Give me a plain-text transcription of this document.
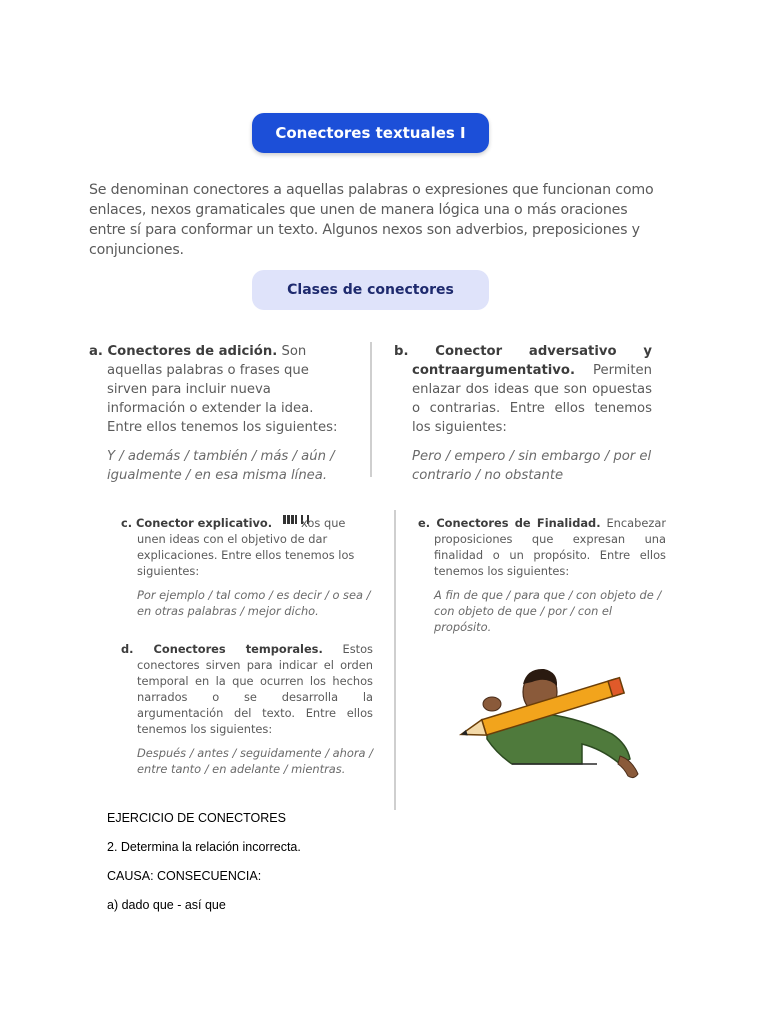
Conectores textuales I
Se denominan conectores a aquellas palabras o expresiones que funcionan como enlaces, nexos gramaticales que unen de manera lógica una o más oraciones entre sí para conformar un texto. Algunos nexos son adverbios, preposiciones y conjunciones.
Clases de conectores
a. Conectores de adición. Son aquellas palabras o frases que sirven para incluir nueva información o extender la idea. Entre ellos tenemos los siguientes:
Y / además / también / más / aún / igualmente / en esa misma línea.
b. Conector adversativo y contraargumentativo. Permiten enlazar dos ideas que son opuestas o contrarias. Entre ellos tenemos los siguientes:
Pero / empero / sin embargo / por el contrario / no obstante
c. Conector explicativo.        xos que unen ideas con el objetivo de dar explicaciones. Entre ellos tenemos los siguientes:
Por ejemplo / tal como / es decir / o sea / en otras palabras / mejor dicho.
d. Conectores temporales. Estos conectores sirven para indicar el orden temporal en la que ocurren los hechos narrados o se desarrolla la argumentación del texto. Entre ellos tenemos los siguientes:
Después / antes / seguidamente / ahora / entre tanto / en adelante / mientras.
e. Conectores de Finalidad. Encabezar proposiciones que expresan una finalidad o un propósito. Entre ellos tenemos los siguientes:
A fin de que / para que / con objeto de / con objeto de que / por / con el propósito.
EJERCICIO DE CONECTORES
2. Determina la relación incorrecta.
CAUSA: CONSECUENCIA:
a) dado que - así que
